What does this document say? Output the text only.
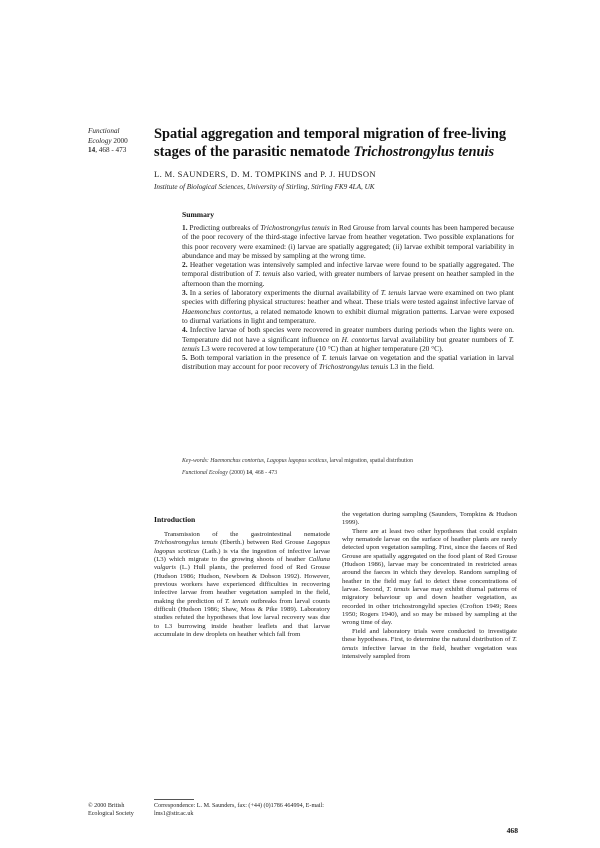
Functional
Ecology 2000
14, 468 - 473
Spatial aggregation and temporal migration of free-living stages of the parasitic nematode Trichostrongylus tenuis
L. M. SAUNDERS, D. M. TOMPKINS and P. J. HUDSON
Institute of Biological Sciences, University of Stirling, Stirling FK9 4LA, UK
Summary

1. Predicting outbreaks of Trichostrongylus tenuis in Red Grouse from larval counts has been hampered because of the poor recovery of the third-stage infective larvae from heather vegetation. Two possible explanations for this poor recovery were examined: (i) larvae are spatially aggregated; (ii) larvae exhibit temporal variability in abundance and may be missed by sampling at the wrong time.

2. Heather vegetation was intensively sampled and infective larvae were found to be spatially aggregated. The temporal distribution of T. tenuis also varied, with greater numbers of larvae present on heather sampled in the afternoon than the morning.

3. In a series of laboratory experiments the diurnal availability of T. tenuis larvae were examined on two plant species with differing physical structures: heather and wheat. These trials were tested against infective larvae of Haemonchus contortus, a related nematode known to exhibit diurnal migration patterns. Larvae were exposed to diurnal variations in light and temperature.

4. Infective larvae of both species were recovered in greater numbers during periods when the lights were on. Temperature did not have a significant influence on H. contortus larval availability but greater numbers of T. tenuis L3 were recovered at low temperature (10 °C) than at higher temperature (20 °C).

5. Both temporal variation in the presence of T. tenuis larvae on vegetation and the spatial variation in larval distribution may account for poor recovery of Trichostrongylus tenuis L3 in the field.

Key-words: Haemonchus contortus, Lagopus lagopus scoticus, larval migration, spatial distribution
Functional Ecology (2000) 14, 468 - 473
Introduction

Transmission of the gastrointestinal nematode Trichostrongylus tenuis (Eberth.) between Red Grouse Lagopus lagopus scoticus (Lath.) is via the ingestion of infective larvae (L3) which migrate to the growing shoots of heather Calluna vulgaris (L.) Hull plants, the preferred food of Red Grouse (Hudson 1986; Hudson, Newborn & Dobson 1992). However, previous workers have experienced difficulties in recovering infective larvae from heather vegetation sampled in the field, making the prediction of T. tenuis outbreaks from larval counts difficult (Hudson 1986; Shaw, Moss & Pike 1989). Laboratory studies refuted the hypotheses that low larval recovery was due to L3 burrowing inside heather leaflets and that larvae accumulate in dew droplets on heather which fall from

the vegetation during sampling (Saunders, Tompkins & Hudson 1999).

There are at least two other hypotheses that could explain why nematode larvae on the surface of heather plants are rarely detected upon vegetation sampling. First, since the faeces of Red Grouse are spatially aggregated on the food plant of Red Grouse (Hudson 1986), larvae may be concentrated in restricted areas around the faeces in which they develop. Random sampling of heather in the field may fail to detect these concentrations of larvae. Second, T. tenuis larvae may exhibit diurnal patterns of migratory behaviour up and down heather vegetation, as recorded in other trichostrongylid species (Crofton 1949; Rees 1950; Rogers 1940), and so may be missed by sampling at the wrong time of day.

Field and laboratory trials were conducted to investigate these hypotheses. First, to determine the natural distribution of T. tenuis infective larvae in the field, heather vegetation was intensively sampled from

© 2000 British
Ecological Society
Correspondence: L. M. Saunders, fax: (+44) (0)1786 464994, E-mail: lms1@stir.ac.uk
468
